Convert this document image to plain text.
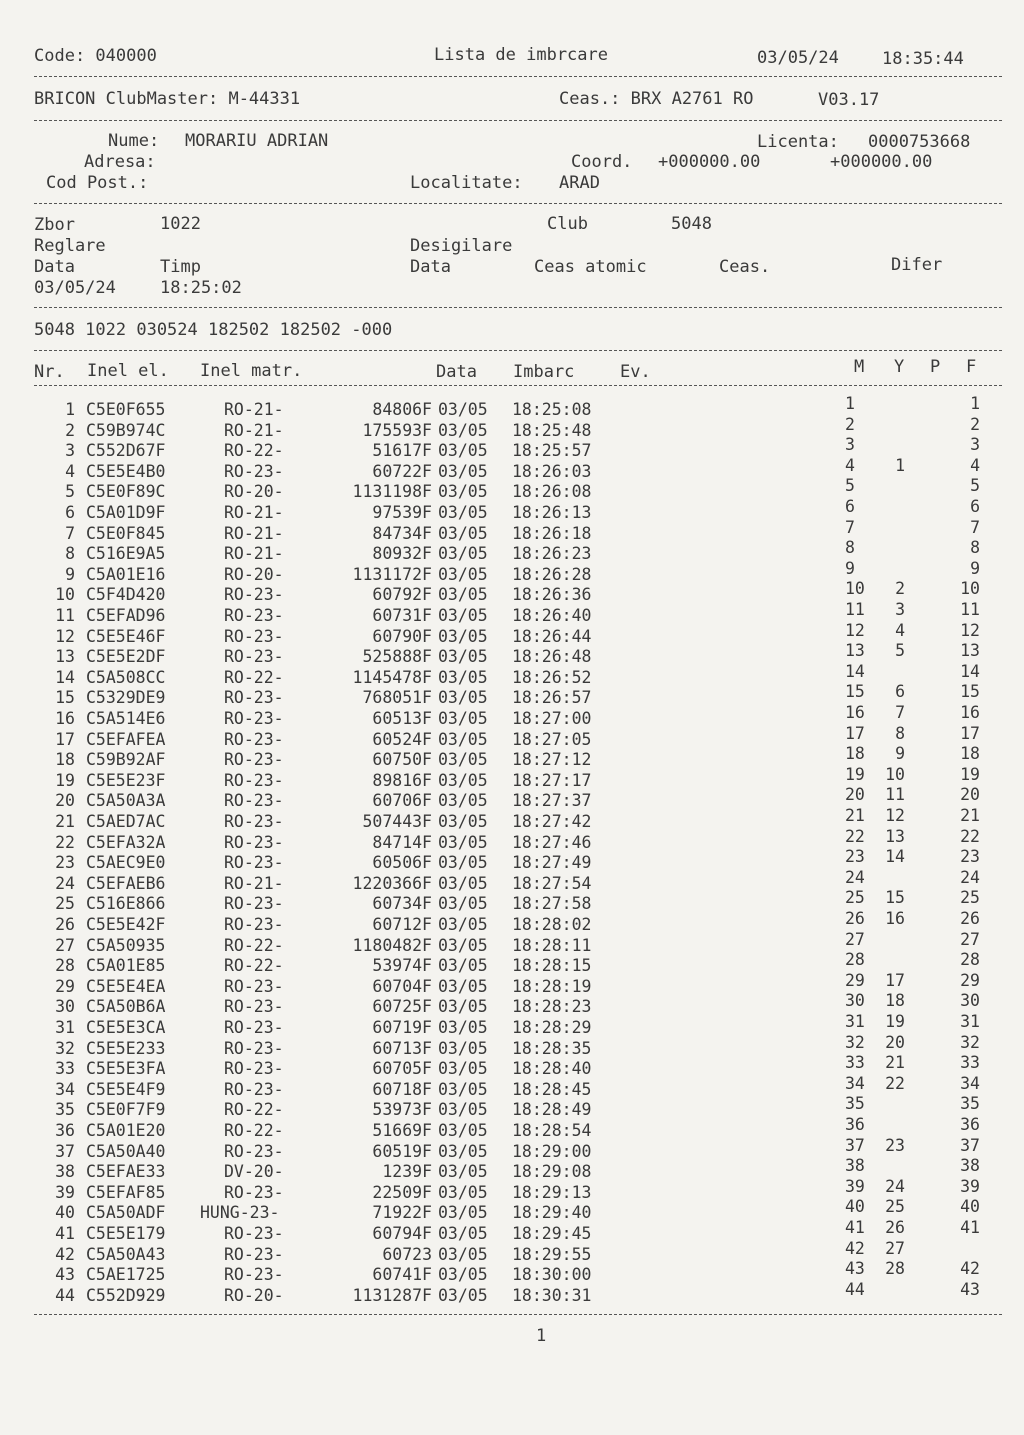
Code: 040000	Lista de imbrcare	03/05/24	18:35:44
BRICON ClubMaster: M-44331	Ceas.: BRX A2761 RO	V03.17
Nume: MORARIU ADRIAN	Licenta: 0000753668
Adresa:	Coord. +000000.00	+000000.00
Cod Post.:	Localitate: ARAD
Zbor	1022	Club	5048
Reglare	Desigilare
Data	Timp	Data	Ceas atomic	Ceas.	Difer
03/05/24	18:25:02
5048 1022 030524 182502 182502 -000
Nr. Inel el. Inel matr.	Data Imbarc	Ev.	M Y P F
1 C5E0F655	RO-21-	84806F 03/05 18:25:08	1	1
2 C59B974C	RO-21-	175593F 03/05 18:25:48	2	2
3 C552D67F	RO-22-	51617F 03/05 18:25:57	3	3
4 C5E5E4B0	RO-23-	60722F 03/05 18:26:03	4 1	4
5 C5E0F89C	RO-20-	1131198F 03/05 18:26:08	5	5
6 C5A01D9F	RO-21-	97539F 03/05 18:26:13	6	6
7 C5E0F845	RO-21-	84734F 03/05 18:26:18	7	7
8 C516E9A5	RO-21-	80932F 03/05 18:26:23	8	8
9 C5A01E16	RO-20-	1131172F 03/05 18:26:28	9	9
10 C5F4D420	RO-23-	60792F 03/05 18:26:36	10 2	10
11 C5EFAD96	RO-23-	60731F 03/05 18:26:40	11 3	11
12 C5E5E46F	RO-23-	60790F 03/05 18:26:44	12 4	12
13 C5E5E2DF	RO-23-	525888F 03/05 18:26:48	13 5	13
14 C5A508CC	RO-22-	1145478F 03/05 18:26:52	14	14
15 C5329DE9	RO-23-	768051F 03/05 18:26:57	15 6	15
16 C5A514E6	RO-23-	60513F 03/05 18:27:00	16 7	16
17 C5EFAFEA	RO-23-	60524F 03/05 18:27:05	17 8	17
18 C59B92AF	RO-23-	60750F 03/05 18:27:12	18 9	18
19 C5E5E23F	RO-23-	89816F 03/05 18:27:17	19 10	19
20 C5A50A3A	RO-23-	60706F 03/05 18:27:37	20 11	20
21 C5AED7AC	RO-23-	507443F 03/05 18:27:42	21 12	21
22 C5EFA32A	RO-23-	84714F 03/05 18:27:46	22 13	22
23 C5AEC9E0	RO-23-	60506F 03/05 18:27:49	23 14	23
24 C5EFAEB6	RO-21-	1220366F 03/05 18:27:54	24	24
25 C516E866	RO-23-	60734F 03/05 18:27:58	25 15	25
26 C5E5E42F	RO-23-	60712F 03/05 18:28:02	26 16	26
27 C5A50935	RO-22-	1180482F 03/05 18:28:11	27	27
28 C5A01E85	RO-22-	53974F 03/05 18:28:15	28	28
29 C5E5E4EA	RO-23-	60704F 03/05 18:28:19	29 17	29
30 C5A50B6A	RO-23-	60725F 03/05 18:28:23	30 18	30
31 C5E5E3CA	RO-23-	60719F 03/05 18:28:29	31 19	31
32 C5E5E233	RO-23-	60713F 03/05 18:28:35	32 20	32
33 C5E5E3FA	RO-23-	60705F 03/05 18:28:40	33 21	33
34 C5E5E4F9	RO-23-	60718F 03/05 18:28:45	34 22	34
35 C5E0F7F9	RO-22-	53973F 03/05 18:28:49	35	35
36 C5A01E20	RO-22-	51669F 03/05 18:28:54	36	36
37 C5A50A40	RO-23-	60519F 03/05 18:29:00	37 23	37
38 C5EFAE33	DV-20-	1239F 03/05 18:29:08	38	38
39 C5EFAF85	RO-23-	22509F 03/05 18:29:13	39 24	39
40 C5A50ADF HUNG-23-	71922F 03/05 18:29:40	40 25	40
41 C5E5E179	RO-23-	60794F 03/05 18:29:45	41 26	41
42 C5A50A43	RO-23-	60723 03/05 18:29:55	42 27
43 C5AE1725	RO-23-	60741F 03/05 18:30:00	43 28	42
44 C552D929	RO-20-	1131287F 03/05 18:30:31	44	43
1
